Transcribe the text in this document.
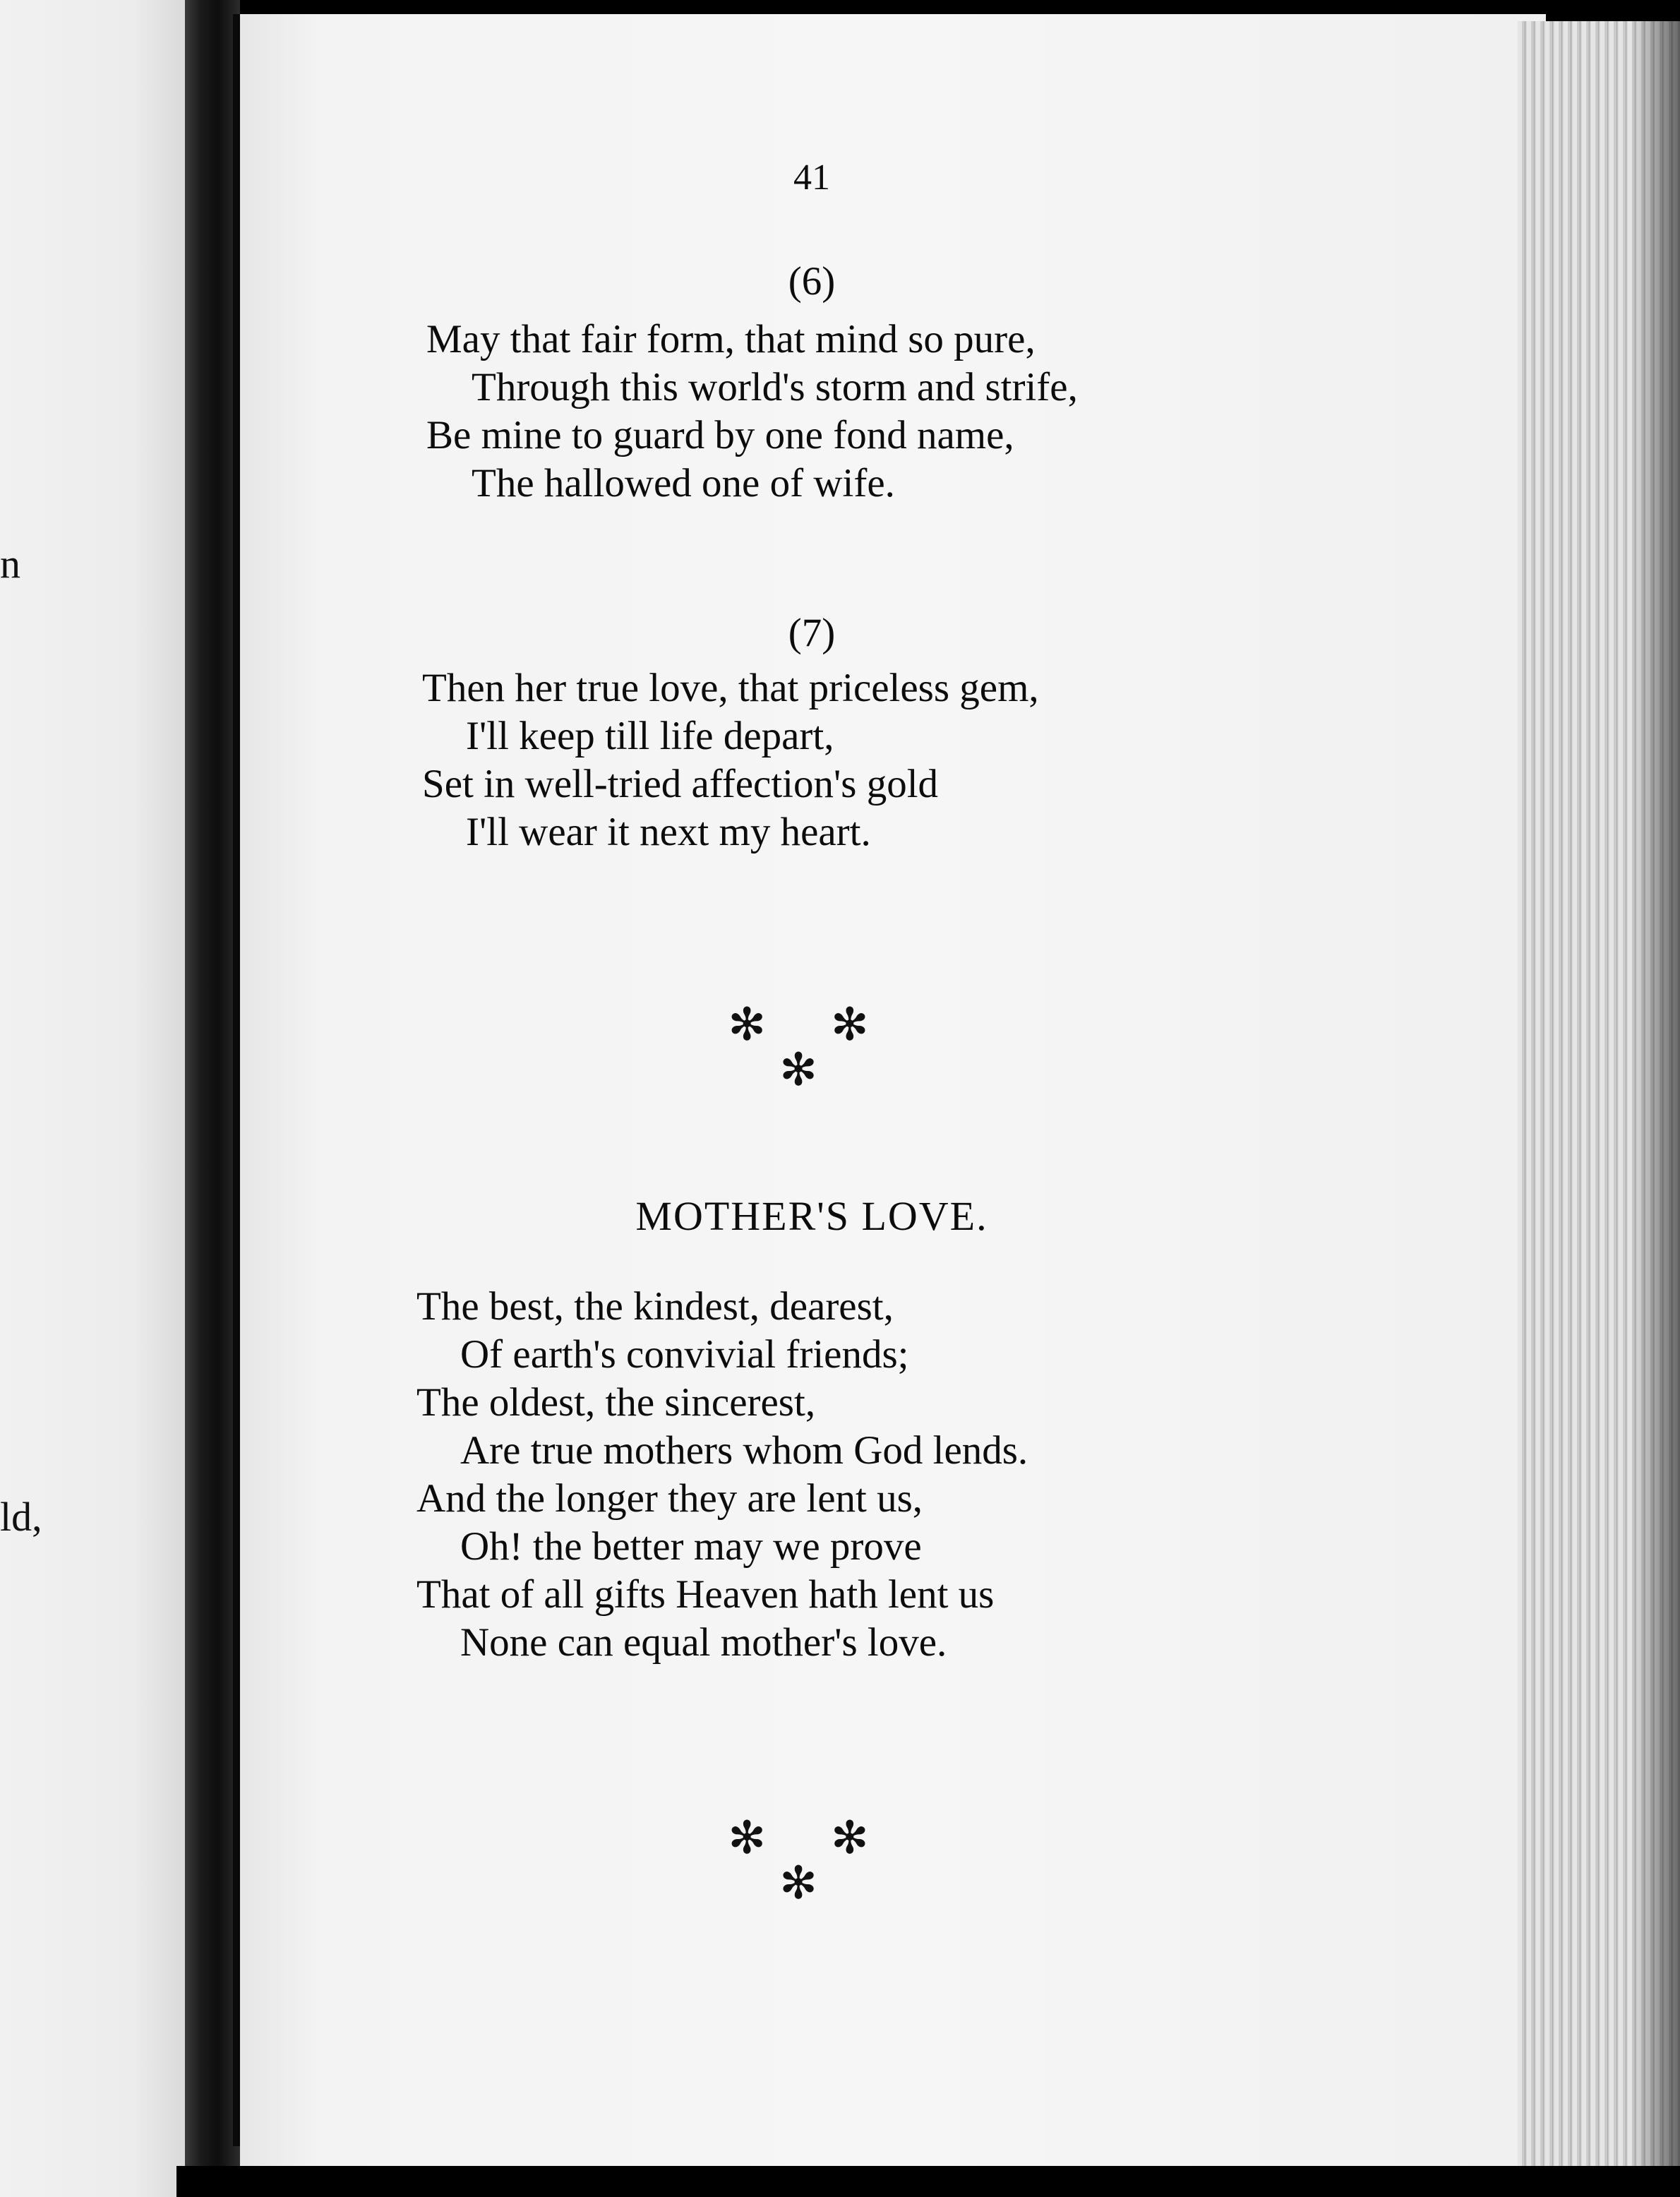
n
ld,
41
(6)
May that fair form, that mind so pure,
Through this world's storm and strife,
Be mine to guard by one fond name,
The hallowed one of wife.
(7)
Then her true love, that priceless gem,
I'll keep till life depart,
Set in well-tried affection's gold
I'll wear it next my heart.
✻ ✻ ✻
MOTHER'S LOVE.
The best, the kindest, dearest,
Of earth's convivial friends;
The oldest, the sincerest,
Are true mothers whom God lends.
And the longer they are lent us,
Oh! the better may we prove
That of all gifts Heaven hath lent us
None can equal mother's love.
✻ ✻ ✻
